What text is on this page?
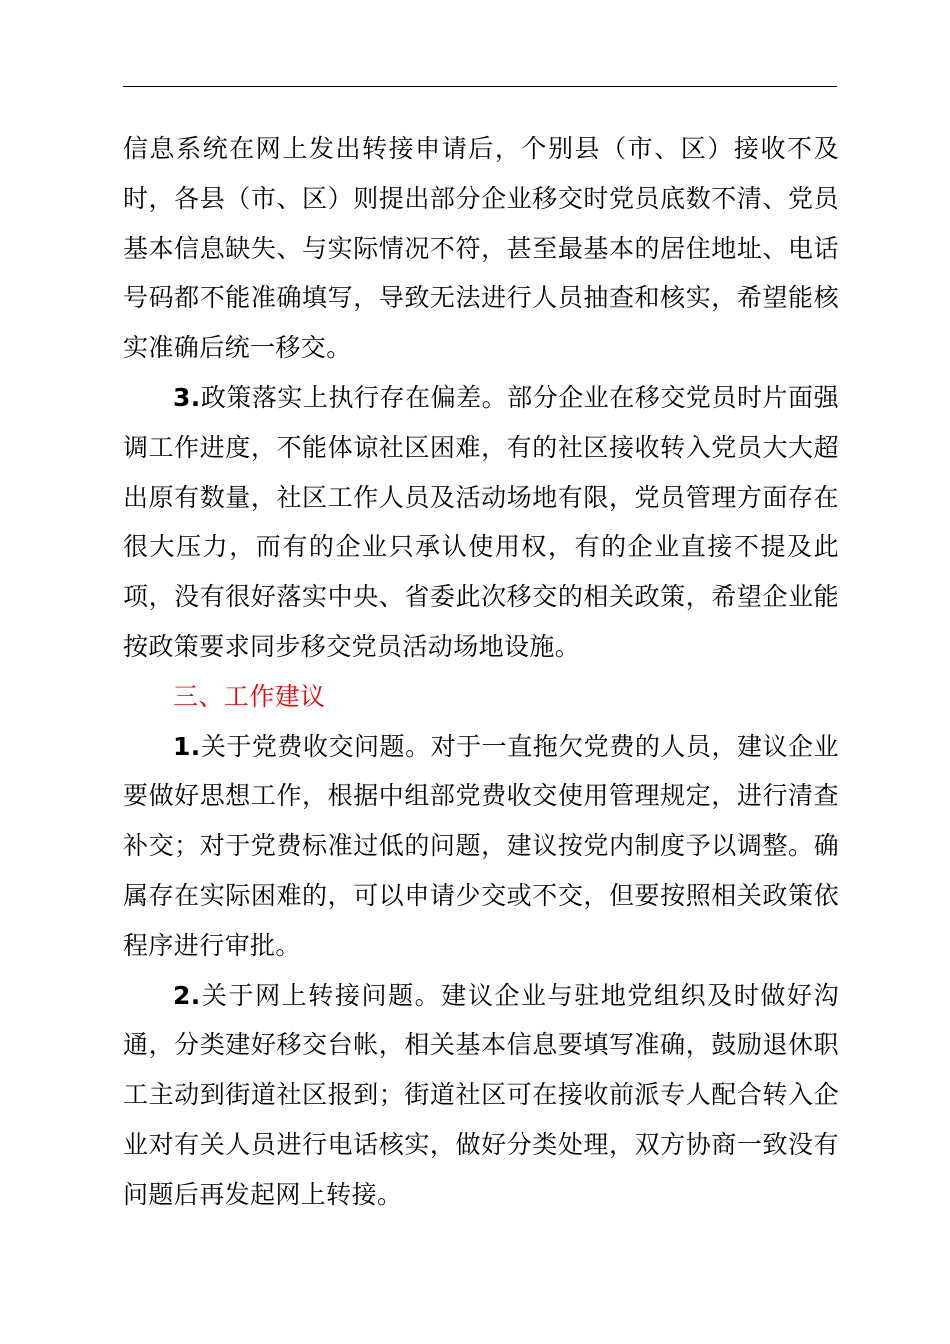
信息系统在网上发出转接申请后，个别县（市、区）接收不及时，各县（市、区）则提出部分企业移交时党员底数不清、党员基本信息缺失、与实际情况不符，甚至最基本的居住地址、电话号码都不能准确填写，导致无法进行人员抽查和核实，希望能核实准确后统一移交。

3.政策落实上执行存在偏差。部分企业在移交党员时片面强调工作进度，不能体谅社区困难，有的社区接收转入党员大大超出原有数量，社区工作人员及活动场地有限，党员管理方面存在很大压力，而有的企业只承认使用权，有的企业直接不提及此项，没有很好落实中央、省委此次移交的相关政策，希望企业能按政策要求同步移交党员活动场地设施。

三、工作建议

1.关于党费收交问题。对于一直拖欠党费的人员，建议企业要做好思想工作，根据中组部党费收交使用管理规定，进行清查补交；对于党费标准过低的问题，建议按党内制度予以调整。确属存在实际困难的，可以申请少交或不交，但要按照相关政策依程序进行审批。

2.关于网上转接问题。建议企业与驻地党组织及时做好沟通，分类建好移交台帐，相关基本信息要填写准确，鼓励退休职工主动到街道社区报到；街道社区可在接收前派专人配合转入企业对有关人员进行电话核实，做好分类处理，双方协商一致没有问题后再发起网上转接。
